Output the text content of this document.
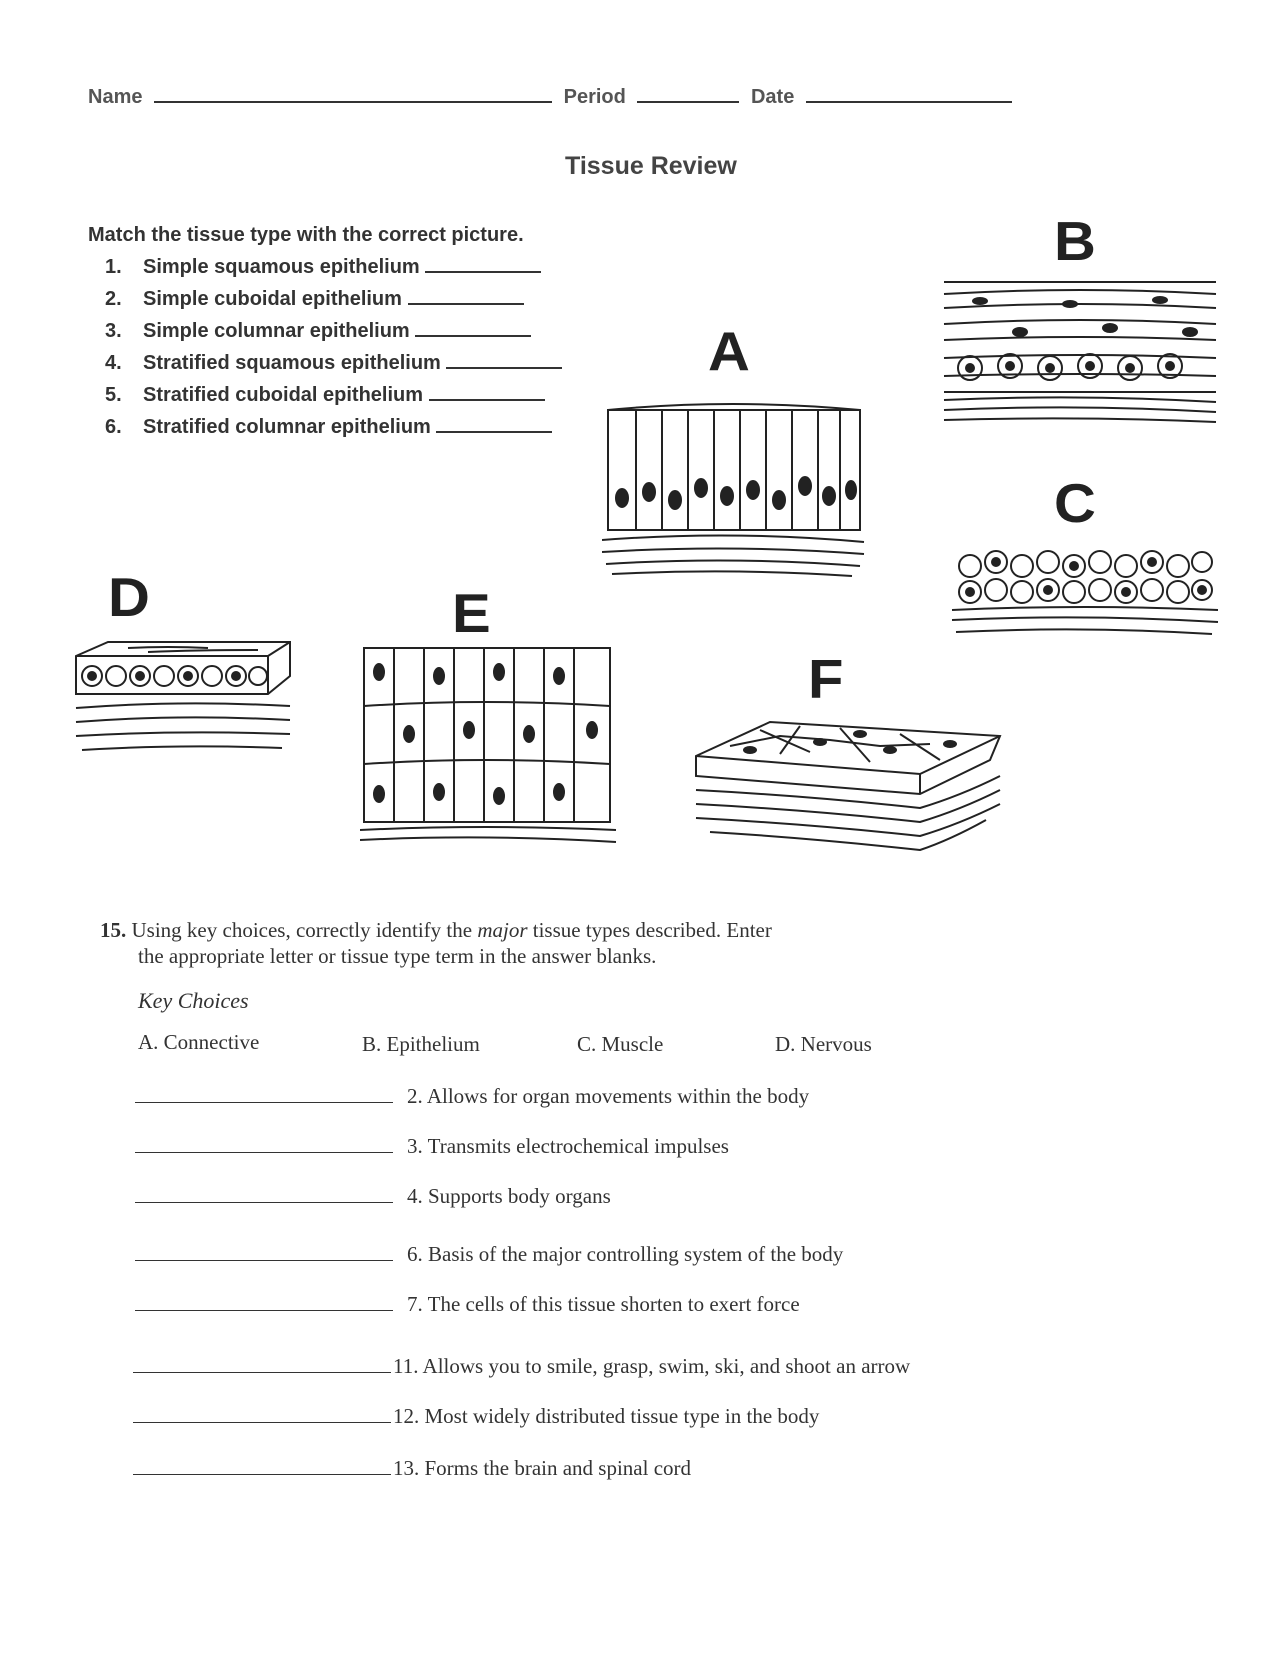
Name	Period	Date
Tissue Review
Match the tissue type with the correct picture.
1. Simple squamous epithelium
2. Simple cuboidal epithelium
3. Simple columnar epithelium
4. Stratified squamous epithelium
5. Stratified cuboidal epithelium
6. Stratified columnar epithelium
A
B
C
D	E
F
15. Using key choices, correctly identify the major tissue types described. Enter
the appropriate letter or tissue type term in the answer blanks.
Key Choices
A. Connective	B. Epithelium	C. Muscle	D. Nervous
2. Allows for organ movements within the body
3. Transmits electrochemical impulses
4. Supports body organs
6. Basis of the major controlling system of the body
7. The cells of this tissue shorten to exert force
11. Allows you to smile, grasp, swim, ski, and shoot an arrow
12. Most widely distributed tissue type in the body
13. Forms the brain and spinal cord
